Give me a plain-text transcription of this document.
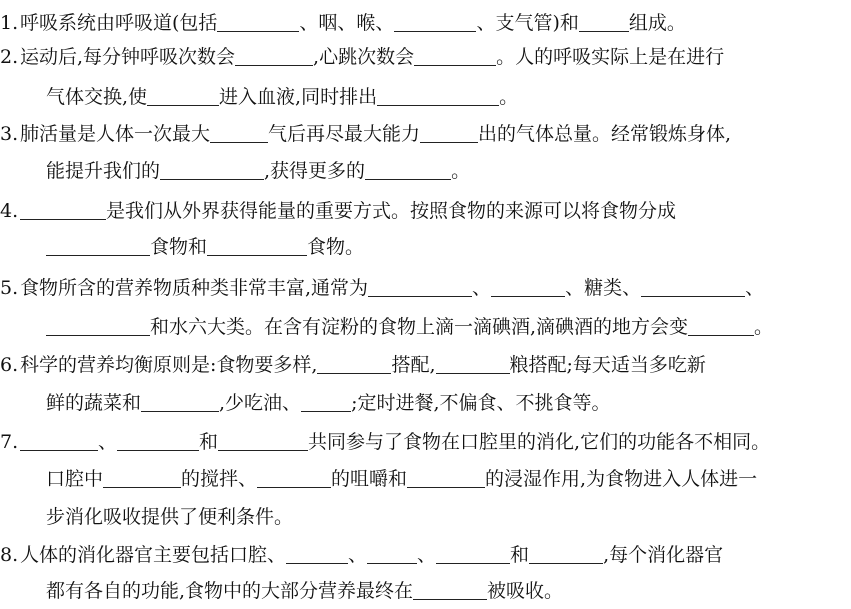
1.呼吸系统由呼吸道(包括	、咽、喉、	、支气管)和	组成。
2.运动后,每分钟呼吸次数会	,心跳次数会	。人的呼吸实际上是在进行
气体交换,使	进入血液,同时排出	。
3.肺活量是人体一次最大	气后再尽最大能力	出的气体总量。经常锻炼身体,
能提升我们的	,获得更多的	。
4.	是我们从外界获得能量的重要方式。按照食物的来源可以将食物分成
食物和	食物。
5.食物所含的营养物质种类非常丰富,通常为	、	、糖类、	、
和水六大类。在含有淀粉的食物上滴一滴碘酒,滴碘酒的地方会变	。
6.科学的营养均衡原则是:食物要多样,	搭配,	粮搭配;每天适当多吃新
鲜的蔬菜和	,少吃油、	;定时进餐,不偏食、不挑食等。
7.	、	和	共同参与了食物在口腔里的消化,它们的功能各不相同。
口腔中	的搅拌、	的咀嚼和	的浸湿作用,为食物进入人体进一
步消化吸收提供了便利条件。
8.人体的消化器官主要包括口腔、	、	、	和	,每个消化器官
都有各自的功能,食物中的大部分营养最终在	被吸收。
